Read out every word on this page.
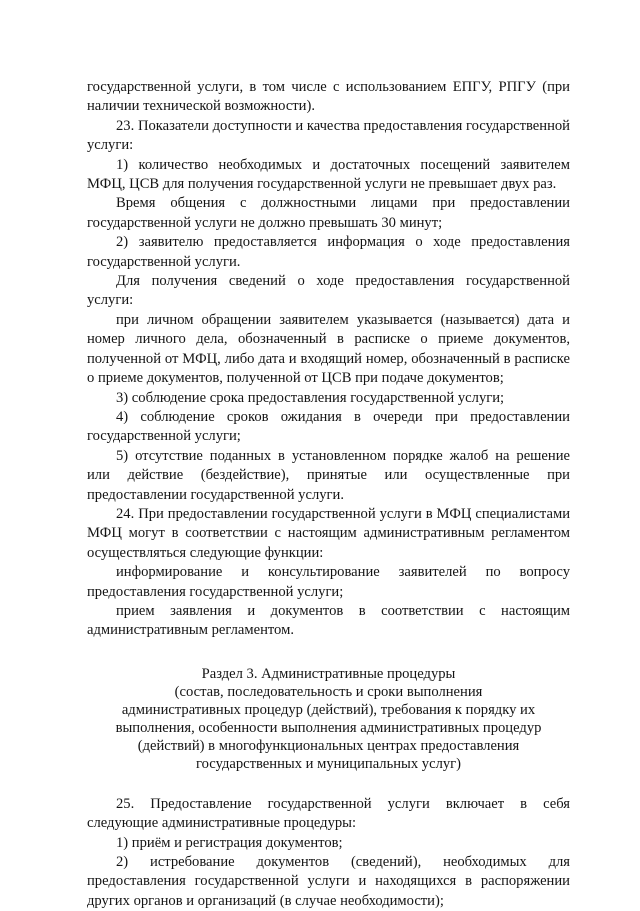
государственной услуги, в том числе с использованием ЕПГУ, РПГУ (при наличии технической возможности).

23. Показатели доступности и качества предоставления государственной услуги:

1) количество необходимых и достаточных посещений заявителем МФЦ, ЦСВ для получения государственной услуги не превышает двух раз.

Время общения с должностными лицами при предоставлении государственной услуги не должно превышать 30 минут;

2) заявителю предоставляется информация о ходе предоставления государственной услуги.

Для получения сведений о ходе предоставления государственной услуги:

при личном обращении заявителем указывается (называется) дата и номер личного дела, обозначенный в расписке о приеме документов, полученной от МФЦ, либо дата и входящий номер, обозначенный в расписке о приеме документов, полученной от ЦСВ при подаче документов;

3) соблюдение срока предоставления государственной услуги;

4) соблюдение сроков ожидания в очереди при предоставлении государственной услуги;

5) отсутствие поданных в установленном порядке жалоб на решение или действие (бездействие), принятые или осуществленные при предоставлении государственной услуги.

24. При предоставлении государственной услуги в МФЦ специалистами МФЦ могут в соответствии с настоящим административным регламентом осуществляться следующие функции:

информирование и консультирование заявителей по вопросу предоставления государственной услуги;

прием заявления и документов в соответствии с настоящим административным регламентом.

Раздел 3. Административные процедуры
(состав, последовательность и сроки выполнения
административных процедур (действий), требования к порядку их
выполнения, особенности выполнения административных процедур
(действий) в многофункциональных центрах предоставления
государственных и муниципальных услуг)

25. Предоставление государственной услуги включает в себя следующие административные процедуры:

1) приём и регистрация документов;

2) истребование документов (сведений), необходимых для предоставления государственной услуги и находящихся в распоряжении других органов и организаций (в случае необходимости);
